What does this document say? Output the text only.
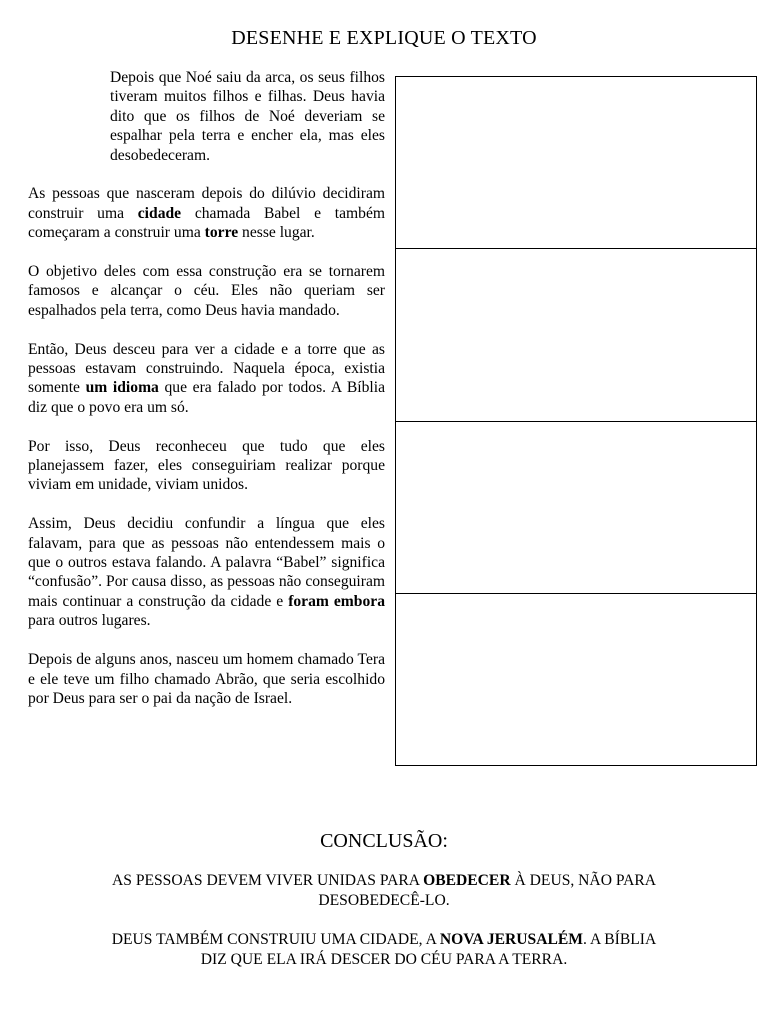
DESENHE E EXPLIQUE O TEXTO

Depois que Noé saiu da arca, os seus filhos tiveram muitos filhos e filhas. Deus havia dito que os filhos de Noé deveriam se espalhar pela terra e encher ela, mas eles desobedeceram.

As pessoas que nasceram depois do dilúvio decidiram construir uma cidade chamada Babel e também começaram a construir uma torre nesse lugar.

O objetivo deles com essa construção era se tornarem famosos e alcançar o céu. Eles não queriam ser espalhados pela terra, como Deus havia mandado.

Então, Deus desceu para ver a cidade e a torre que as pessoas estavam construindo. Naquela época, existia somente um idioma que era falado por todos. A Bíblia diz que o povo era um só.

Por isso, Deus reconheceu que tudo que eles planejassem fazer, eles conseguiriam realizar porque viviam em unidade, viviam unidos.

Assim, Deus decidiu confundir a língua que eles falavam, para que as pessoas não entendessem mais o que o outros estava falando. A palavra “Babel” significa “confusão”. Por causa disso, as pessoas não conseguiram mais continuar a construção da cidade e foram embora para outros lugares.

Depois de alguns anos, nasceu um homem chamado Tera e ele teve um filho chamado Abrão, que seria escolhido por Deus para ser o pai da nação de Israel.

CONCLUSÃO:
AS PESSOAS DEVEM VIVER UNIDAS PARA OBEDECER À DEUS, NÃO PARA DESOBEDECÊ-LO.
DEUS TAMBÉM CONSTRUIU UMA CIDADE, A NOVA JERUSALÉM. A BÍBLIA DIZ QUE ELA IRÁ DESCER DO CÉU PARA A TERRA.
